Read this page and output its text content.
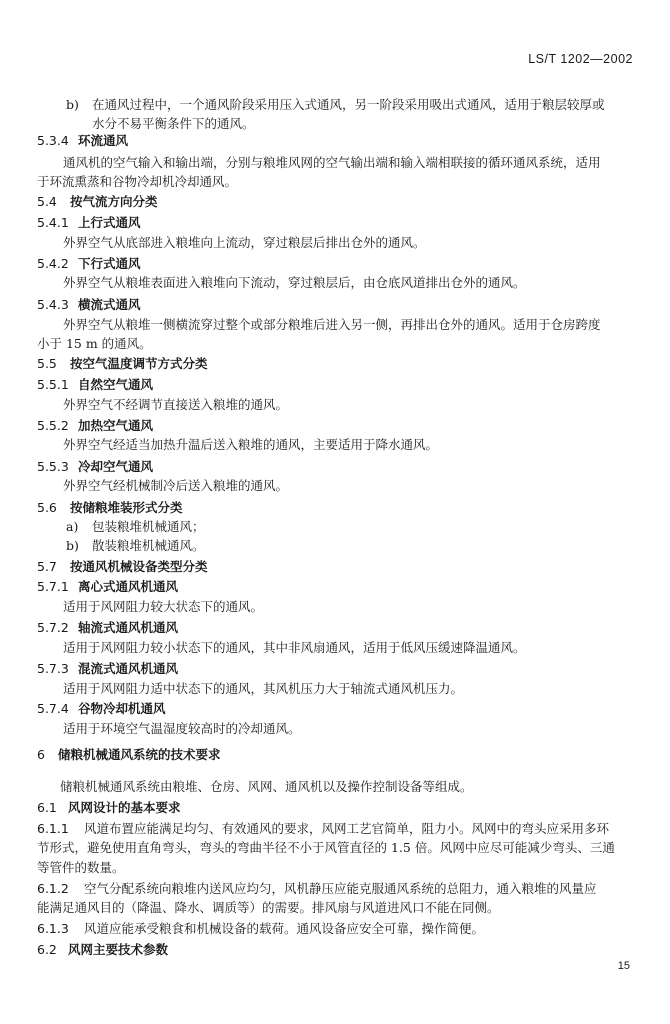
LS/T 1202—2002
b) 在通风过程中，一个通风阶段采用压入式通风，另一阶段采用吸出式通风，适用于粮层较厚或
水分不易平衡条件下的通风。
5.3.4 环流通风
通风机的空气输入和输出端，分别与粮堆风网的空气输出端和输入端相联接的循环通风系统，适用
于环流熏蒸和谷物冷却机冷却通风。
5.4 按气流方向分类
5.4.1 上行式通风
外界空气从底部进入粮堆向上流动，穿过粮层后排出仓外的通风。
5.4.2 下行式通风
外界空气从粮堆表面进入粮堆向下流动，穿过粮层后，由仓底风道排出仓外的通风。
5.4.3 横流式通风
外界空气从粮堆一侧横流穿过整个或部分粮堆后进入另一侧，再排出仓外的通风。适用于仓房跨度
小于 15 m 的通风。
5.5 按空气温度调节方式分类
5.5.1 自然空气通风
外界空气不经调节直接送入粮堆的通风。
5.5.2 加热空气通风
外界空气经适当加热升温后送入粮堆的通风，主要适用于降水通风。
5.5.3 冷却空气通风
外界空气经机械制冷后送入粮堆的通风。
5.6 按储粮堆装形式分类
a) 包装粮堆机械通风；
b) 散装粮堆机械通风。
5.7 按通风机械设备类型分类
5.7.1 离心式通风机通风
适用于风网阻力较大状态下的通风。
5.7.2 轴流式通风机通风
适用于风网阻力较小状态下的通风，其中非风扇通风，适用于低风压缓速降温通风。
5.7.3 混流式通风机通风
适用于风网阻力适中状态下的通风，其风机压力大于轴流式通风机压力。
5.7.4 谷物冷却机通风
适用于环境空气温湿度较高时的冷却通风。
6 储粮机械通风系统的技术要求
储粮机械通风系统由粮堆、仓房、风网、通风机以及操作控制设备等组成。
6.1 风网设计的基本要求
6.1.1 风道布置应能满足均匀、有效通风的要求，风网工艺官简单，阻力小。风网中的弯头应采用多环
节形式，避免使用直角弯头，弯头的弯曲半径不小于风管直径的 1.5 倍。风网中应尽可能减少弯头、三通
等管件的数量。
6.1.2 空气分配系统向粮堆内送风应均匀，风机静压应能克服通风系统的总阻力，通入粮堆的风量应
能满足通风目的（降温、降水、调质等）的需要。排风扇与风道进风口不能在同侧。
6.1.3 风道应能承受粮食和机械设备的载荷。通风设备应安全可靠，操作简便。
6.2 风网主要技术参数
15
